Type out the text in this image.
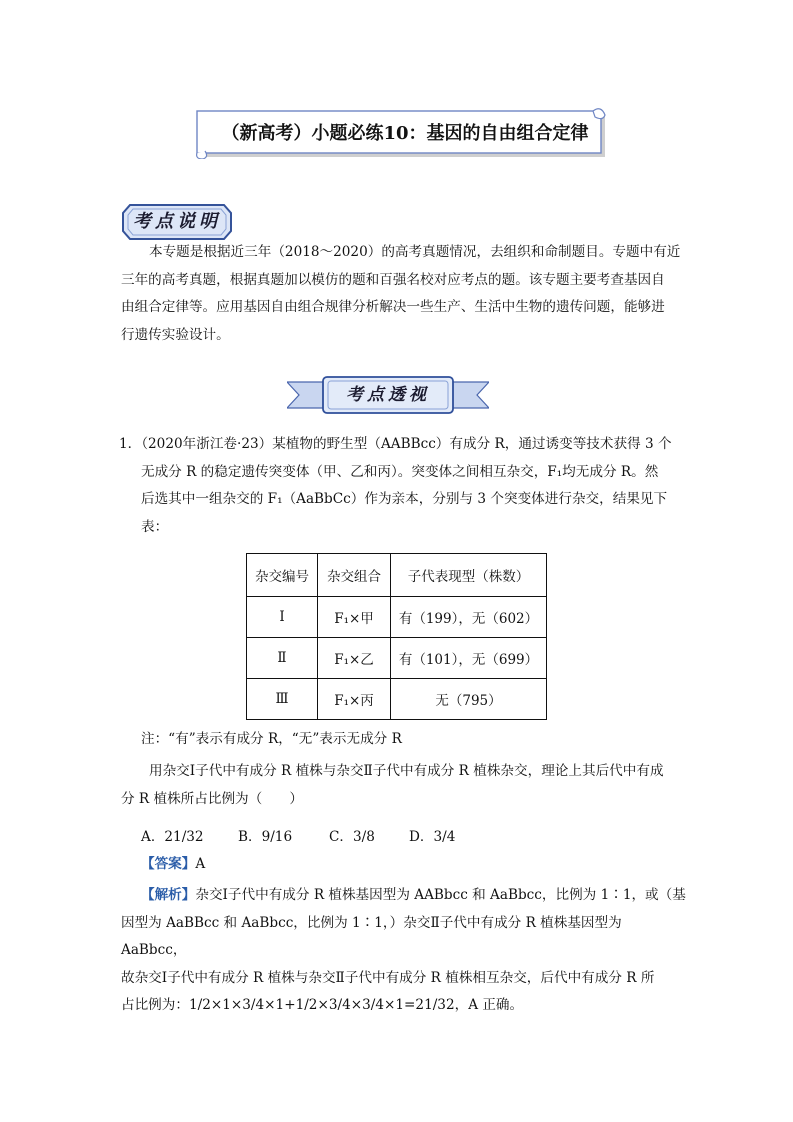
（新高考）小题必练10：基因的自由组合定律
考点说明
本专题是根据近三年（2018～2020）的高考真题情况，去组织和命制题目。专题中有近
三年的高考真题，根据真题加以模仿的题和百强名校对应考点的题。该专题主要考查基因自
由组合定律等。应用基因自由组合规律分析解决一些生产、生活中生物的遗传问题，能够进
行遗传实验设计。
考点透视
1．（2020年浙江卷·23）某植物的野生型（AABBcc）有成分 R，通过诱变等技术获得 3 个
无成分 R 的稳定遗传突变体（甲、乙和丙）。突变体之间相互杂交，F₁均无成分 R。然
后选其中一组杂交的 F₁（AaBbCc）作为亲本，分别与 3 个突变体进行杂交，结果见下
表：
杂交编号	杂交组合	子代表现型（株数）
Ⅰ	F₁×甲	有（199），无（602）
Ⅱ	F₁×乙	有（101），无（699）
Ⅲ	F₁×丙	无（795）
注：“有”表示有成分 R，“无”表示无成分 R
用杂交Ⅰ子代中有成分 R 植株与杂交Ⅱ子代中有成分 R 植株杂交，理论上其后代中有成
分 R 植株所占比例为（　　）
A．21/32	B．9/16	C．3/8	D．3/4
【答案】A
【解析】杂交Ⅰ子代中有成分 R 植株基因型为 AABbcc 和 AaBbcc，比例为 1∶1，或（基
因型为 AaBBcc 和 AaBbcc，比例为 1∶1，）杂交Ⅱ子代中有成分 R 植株基因型为 AaBbcc，
故杂交Ⅰ子代中有成分 R 植株与杂交Ⅱ子代中有成分 R 植株相互杂交，后代中有成分 R 所
占比例为：1/2×1×3/4×1+1/2×3/4×3/4×1=21/32，A 正确。
